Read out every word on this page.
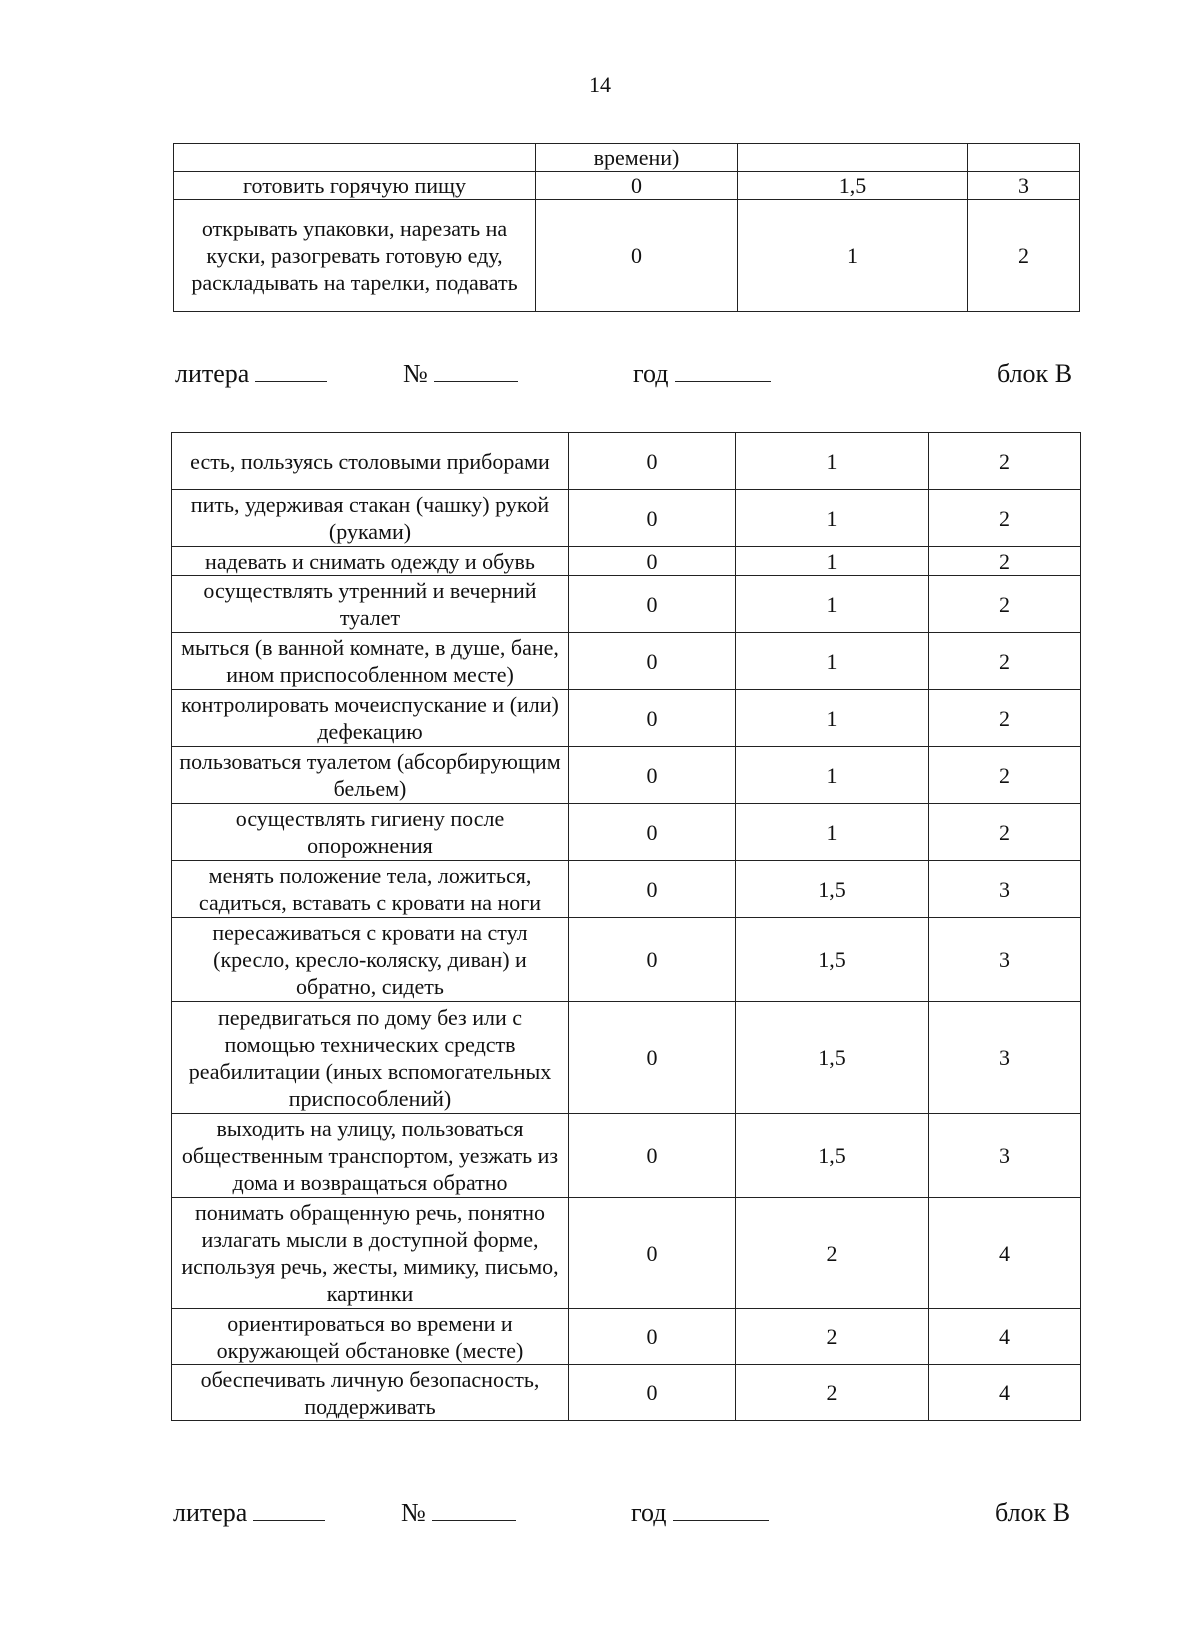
14
	времени)		
готовить горячую пищу	0	1,5	3
открывать упаковки, нарезать на куски, разогревать готовую еду, раскладывать на тарелки, подавать	0	1	2
литера	№	год	блок В
есть, пользуясь столовыми приборами	0	1	2
пить, удерживая стакан (чашку) рукой (руками)	0	1	2
надевать и снимать одежду и обувь	0	1	2
осуществлять утренний и вечерний туалет	0	1	2
мыться (в ванной комнате, в душе, бане, ином приспособленном месте)	0	1	2
контролировать мочеиспускание и (или) дефекацию	0	1	2
пользоваться туалетом (абсорбирующим бельем)	0	1	2
осуществлять гигиену после опорожнения	0	1	2
менять положение тела, ложиться, садиться, вставать с кровати на ноги	0	1,5	3
пересаживаться с кровати на стул (кресло, кресло-коляску, диван) и обратно, сидеть	0	1,5	3
передвигаться по дому без или с помощью технических средств реабилитации (иных вспомогательных приспособлений)	0	1,5	3
выходить на улицу, пользоваться общественным транспортом, уезжать из дома и возвращаться обратно	0	1,5	3
понимать обращенную речь, понятно излагать мысли в доступной форме, используя речь, жесты, мимику, письмо, картинки	0	2	4
ориентироваться во времени и окружающей обстановке (месте)	0	2	4
обеспечивать личную безопасность, поддерживать	0	2	4
литера	№	год	блок В
